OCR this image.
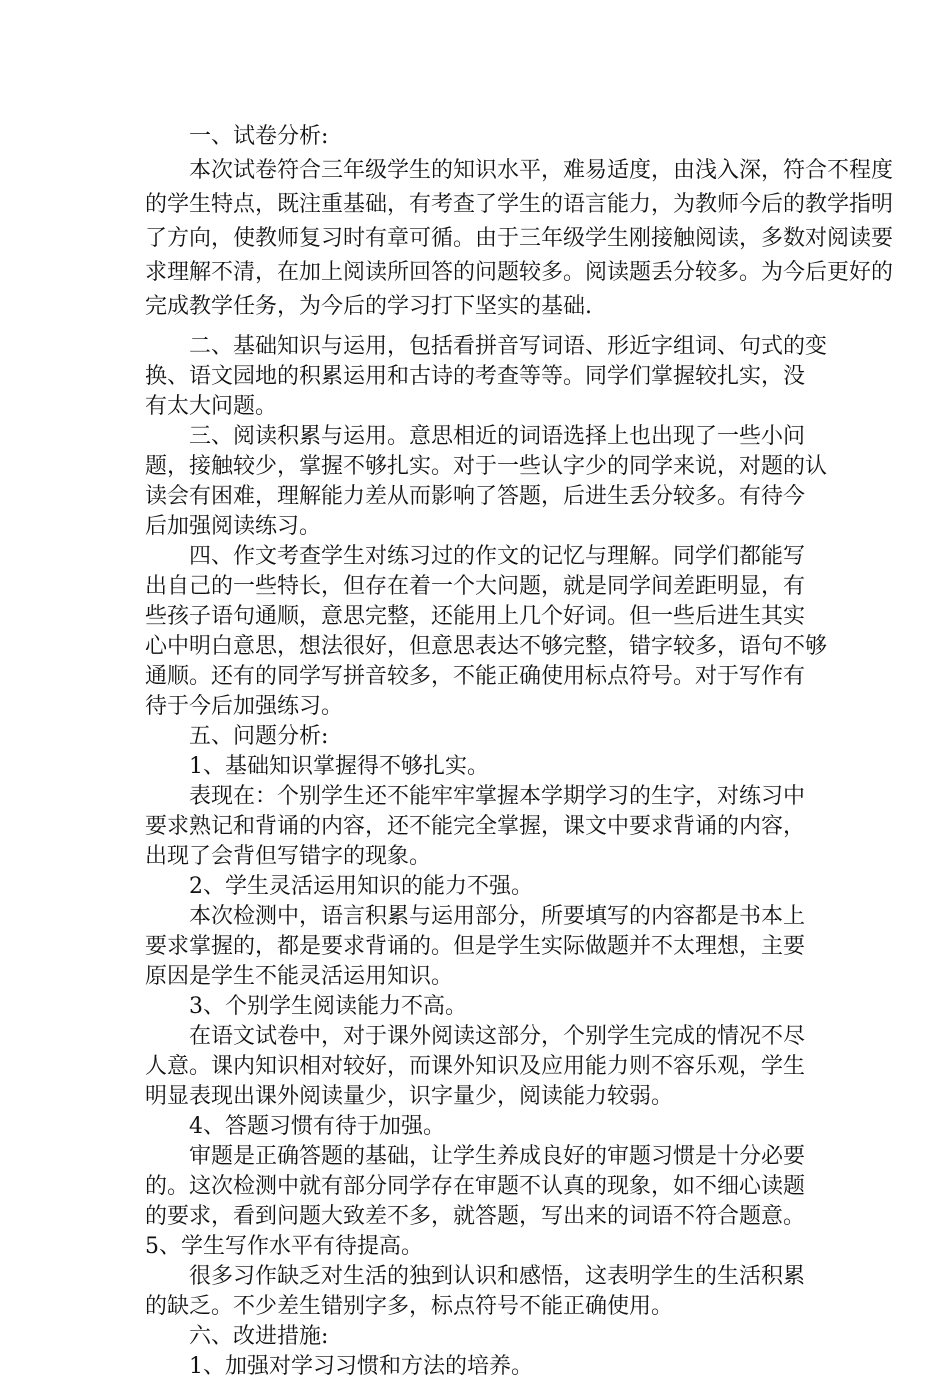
一、试卷分析:
本次试卷符合三年级学生的知识水平，难易适度，由浅入深，符合不程度
的学生特点，既注重基础，有考查了学生的语言能力，为教师今后的教学指明
了方向，使教师复习时有章可循。由于三年级学生刚接触阅读，多数对阅读要
求理解不清，在加上阅读所回答的问题较多。阅读题丢分较多。为今后更好的
完成教学任务，为今后的学习打下坚实的基础.
二、基础知识与运用，包括看拼音写词语、形近字组词、句式的变
换、语文园地的积累运用和古诗的考查等等。同学们掌握较扎实，没
有太大问题。
三、阅读积累与运用。意思相近的词语选择上也出现了一些小问
题，接触较少，掌握不够扎实。对于一些认字少的同学来说，对题的认
读会有困难，理解能力差从而影响了答题，后进生丢分较多。有待今
后加强阅读练习。
四、作文考查学生对练习过的作文的记忆与理解。同学们都能写
出自己的一些特长，但存在着一个大问题，就是同学间差距明显，有
些孩子语句通顺，意思完整，还能用上几个好词。但一些后进生其实
心中明白意思，想法很好，但意思表达不够完整，错字较多，语句不够
通顺。还有的同学写拼音较多，不能正确使用标点符号。对于写作有
待于今后加强练习。
五、问题分析:
1、基础知识掌握得不够扎实。
表现在：个别学生还不能牢牢掌握本学期学习的生字，对练习中
要求熟记和背诵的内容，还不能完全掌握，课文中要求背诵的内容，
出现了会背但写错字的现象。
2、学生灵活运用知识的能力不强。
本次检测中，语言积累与运用部分，所要填写的内容都是书本上
要求掌握的，都是要求背诵的。但是学生实际做题并不太理想，主要
原因是学生不能灵活运用知识。
3、个别学生阅读能力不高。
在语文试卷中，对于课外阅读这部分，个别学生完成的情况不尽
人意。课内知识相对较好，而课外知识及应用能力则不容乐观，学生
明显表现出课外阅读量少，识字量少，阅读能力较弱。
4、答题习惯有待于加强。
审题是正确答题的基础，让学生养成良好的审题习惯是十分必要
的。这次检测中就有部分同学存在审题不认真的现象，如不细心读题
的要求，看到问题大致差不多，就答题，写出来的词语不符合题意。
5、学生写作水平有待提高。
很多习作缺乏对生活的独到认识和感悟，这表明学生的生活积累
的缺乏。不少差生错别字多，标点符号不能正确使用。
六、改进措施:
1、加强对学习习惯和方法的培养。
